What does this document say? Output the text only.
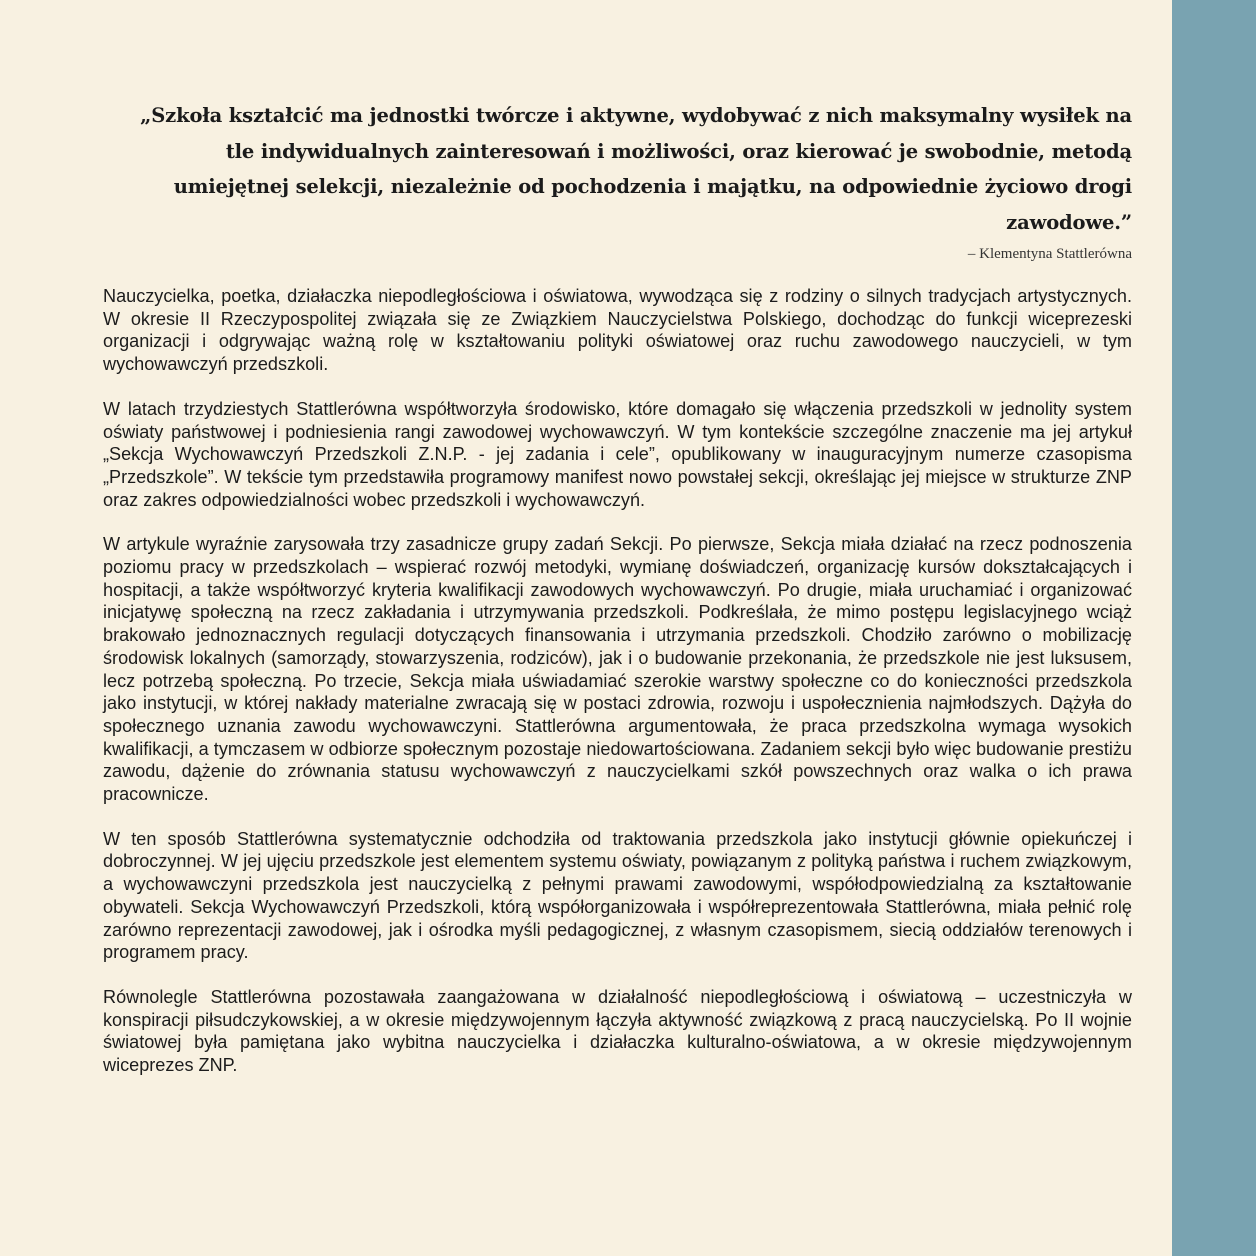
„Szkoła kształcić ma jednostki twórcze i aktywne, wydobywać z nich maksymalny wysiłek na tle indywidualnych zainteresowań i możliwości, oraz kierować je swobodnie, metodą umiejętnej selekcji, niezależnie od pochodzenia i majątku, na odpowiednie życiowo drogi zawodowe.”

– Klementyna Stattlerówna

Nauczycielka, poetka, działaczka niepodległościowa i oświatowa, wywodząca się z rodziny o silnych tradycjach artystycznych. W okresie II Rzeczypospolitej związała się ze Związkiem Nauczycielstwa Polskiego, dochodząc do funkcji wiceprezeski organizacji i odgrywając ważną rolę w kształtowaniu polityki oświatowej oraz ruchu zawodowego nauczycieli, w tym wychowawczyń przedszkoli.

W latach trzydziestych Stattlerówna współtworzyła środowisko, które domagało się włączenia przedszkoli w jednolity system oświaty państwowej i podniesienia rangi zawodowej wychowawczyń. W tym kontekście szczególne znaczenie ma jej artykuł „Sekcja Wychowawczyń Przedszkoli Z.N.P. - jej zadania i cele”, opublikowany w inauguracyjnym numerze czasopisma „Przedszkole”. W tekście tym przedstawiła programowy manifest nowo powstałej sekcji, określając jej miejsce w strukturze ZNP oraz zakres odpowiedzialności wobec przedszkoli i wychowawczyń.

W artykule wyraźnie zarysowała trzy zasadnicze grupy zadań Sekcji. Po pierwsze, Sekcja miała działać na rzecz podnoszenia poziomu pracy w przedszkolach – wspierać rozwój metodyki, wymianę doświadczeń, organizację kursów dokształcających i hospitacji, a także współtworzyć kryteria kwalifikacji zawodowych wychowawczyń. Po drugie, miała uruchamiać i organizować inicjatywę społeczną na rzecz zakładania i utrzymywania przedszkoli. Podkreślała, że mimo postępu legislacyjnego wciąż brakowało jednoznacznych regulacji dotyczących finansowania i utrzymania przedszkoli. Chodziło zarówno o mobilizację środowisk lokalnych (samorządy, stowarzyszenia, rodziców), jak i o budowanie przekonania, że przedszkole nie jest luksusem, lecz potrzebą społeczną. Po trzecie, Sekcja miała uświadamiać szerokie warstwy społeczne co do konieczności przedszkola jako instytucji, w której nakłady materialne zwracają się w postaci zdrowia, rozwoju i uspołecznienia najmłodszych. Dążyła do społecznego uznania zawodu wychowawczyni. Stattlerówna argumentowała, że praca przedszkolna wymaga wysokich kwalifikacji, a tymczasem w odbiorze społecznym pozostaje niedowartościowana. Zadaniem sekcji było więc budowanie prestiżu zawodu, dążenie do zrównania statusu wychowawczyń z nauczycielkami szkół powszechnych oraz walka o ich prawa pracownicze.

W ten sposób Stattlerówna systematycznie odchodziła od traktowania przedszkola jako instytucji głównie opiekuńczej i dobroczynnej. W jej ujęciu przedszkole jest elementem systemu oświaty, powiązanym z polityką państwa i ruchem związkowym, a wychowawczyni przedszkola jest nauczycielką z pełnymi prawami zawodowymi, współodpowiedzialną za kształtowanie obywateli. Sekcja Wychowawczyń Przedszkoli, którą współorganizowała i współreprezentowała Stattlerówna, miała pełnić rolę zarówno reprezentacji zawodowej, jak i ośrodka myśli pedagogicznej, z własnym czasopismem, siecią oddziałów terenowych i programem pracy.

Równolegle Stattlerówna pozostawała zaangażowana w działalność niepodległościową i oświatową – uczestniczyła w konspiracji piłsudczykowskiej, a w okresie międzywojennym łączyła aktywność związkową z pracą nauczycielską. Po II wojnie światowej była pamiętana jako wybitna nauczycielka i działaczka kulturalno-oświatowa, a w okresie międzywojennym wiceprezes ZNP.
